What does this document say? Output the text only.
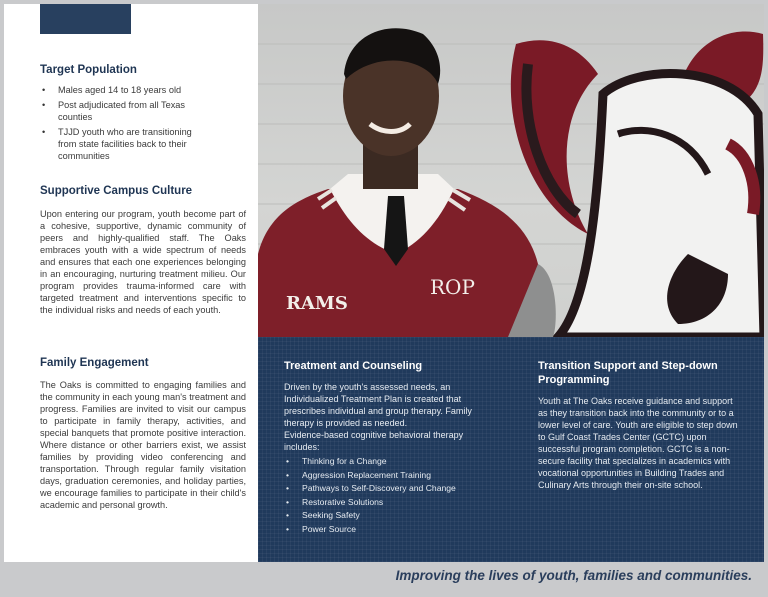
Target Population
• Males aged 14 to 18 years old
• Post adjudicated from all Texas counties
• TJJD youth who are transitioning from state facilities back to their communities
Supportive Campus Culture

Upon entering our program, youth become part of a cohesive, supportive, dynamic community of peers and highly-qualified staff. The Oaks embraces youth with a wide spectrum of needs and ensures that each one experiences belonging in an encouraging, nurturing treatment milieu. Our program provides trauma-informed care with targeted treatment and interventions specific to the individual risks and needs of each youth.

Family Engagement

The Oaks is committed to engaging families and the community in each young man's treatment and progress. Families are invited to visit our campus to participate in family therapy, activities, and special banquets that promote positive interaction. Where distance or other barriers exist, we assist families by providing video conferencing and transportation. Through regular family visitation days, graduation ceremonies, and holiday parties, we encourage families to participate in their child's academic and personal growth.

RAMS
ROP
Treatment and Counseling

Driven by the youth's assessed needs, an Individualized Treatment Plan is created that prescribes individual and group therapy. Family therapy is provided as needed.

Evidence-based cognitive behavioral therapy includes:

• Thinking for a Change
• Aggression Replacement Training
• Pathways to Self-Discovery and Change
• Restorative Solutions
• Seeking Safety
• Power Source
Transition Support and Step-down Programming

Youth at The Oaks receive guidance and support as they transition back into the community or to a lower level of care. Youth are eligible to step down to Gulf Coast Trades Center (GCTC) upon successful program completion. GCTC is a non-secure facility that specializes in academics with vocational opportunities in Building Trades and Culinary Arts through their on-site school.

Improving the lives of youth, families and communities.
